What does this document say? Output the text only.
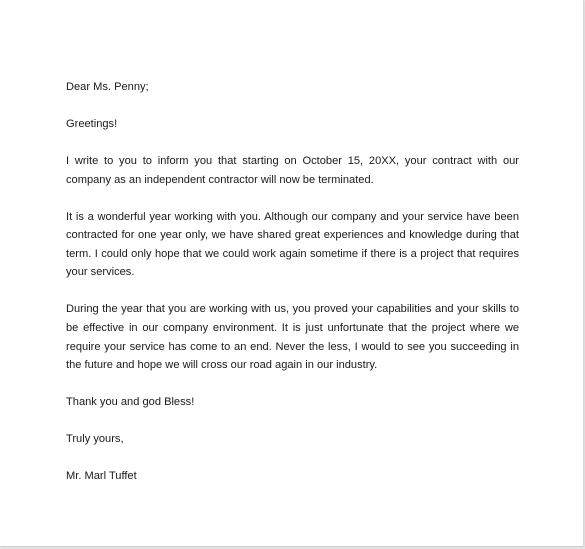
Dear Ms. Penny;

Greetings!

I write to you to inform you that starting on October 15, 20XX, your contract with our company as an independent contractor will now be terminated.

It is a wonderful year working with you. Although our company and your service have been contracted for one year only, we have shared great experiences and knowledge during that term. I could only hope that we could work again sometime if there is a project that requires your services.

During the year that you are working with us, you proved your capabilities and your skills to be effective in our company environment. It is just unfortunate that the project where we require your service has come to an end. Never the less, I would to see you succeeding in the future and hope we will cross our road again in our industry.

Thank you and god Bless!

Truly yours,

Mr. Marl Tuffet
